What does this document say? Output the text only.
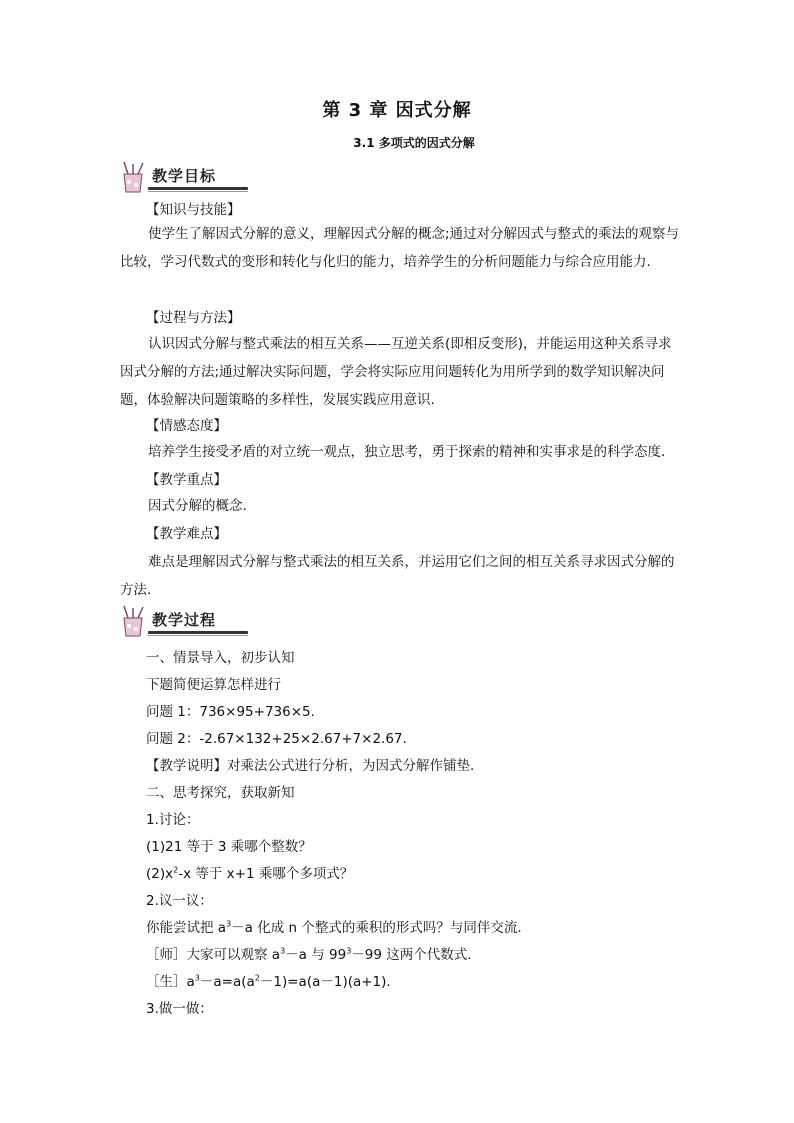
第 3 章 因式分解
3.1 多项式的因式分解
教学目标
【知识与技能】
使学生了解因式分解的意义，理解因式分解的概念;通过对分解因式与整式的乘法的观察与比较，学习代数式的变形和转化与化归的能力，培养学生的分析问题能力与综合应用能力.
【过程与方法】
认识因式分解与整式乘法的相互关系——互逆关系(即相反变形)，并能运用这种关系寻求因式分解的方法;通过解决实际问题，学会将实际应用问题转化为用所学到的数学知识解决问题，体验解决问题策略的多样性，发展实践应用意识.
【情感态度】
培养学生接受矛盾的对立统一观点，独立思考，勇于探索的精神和实事求是的科学态度.
【教学重点】
因式分解的概念.
【教学难点】
难点是理解因式分解与整式乘法的相互关系，并运用它们之间的相互关系寻求因式分解的方法.
教学过程
一、情景导入，初步认知
下题简便运算怎样进行
问题 1：736×95+736×5.
问题 2：-2.67×132+25×2.67+7×2.67.
【教学说明】对乘法公式进行分析，为因式分解作铺垫.
二、思考探究，获取新知
1.讨论：
(1)21 等于 3 乘哪个整数？
$(2)x^2-x$ 等于 x+1 乘哪个多项式？
2.议一议：
你能尝试把 $a^3-a$ 化成 n 个整式的乘积的形式吗？与同伴交流.
［师］大家可以观察 $a^3-a$ 与 $99^3-99$ 这两个代数式.
［生$]a^3-a=a(a^2-1)=a(a-1)(a+1)$.
3.做一做：
